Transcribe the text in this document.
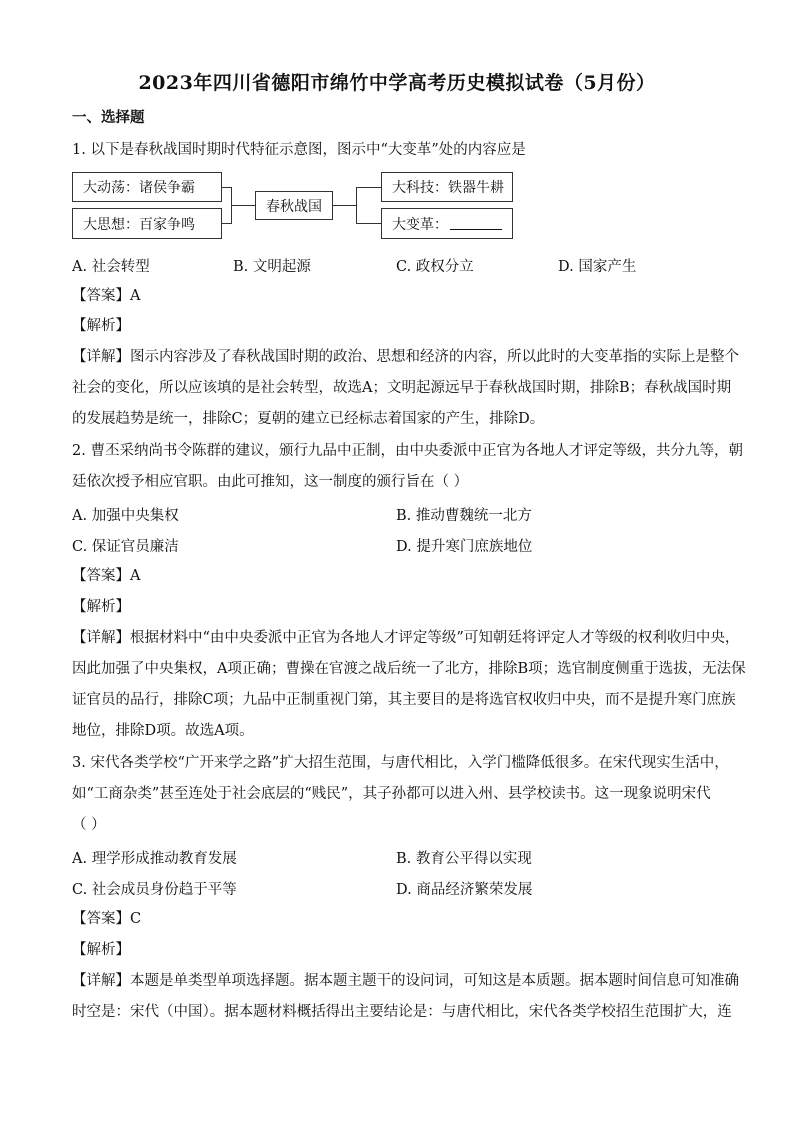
2023年四川省德阳市绵竹中学高考历史模拟试卷（5月份）
一、选择题
1. 以下是春秋战国时期时代特征示意图，图示中“大变革”处的内容应是
大动荡：诸侯争霸
大思想：百家争鸣
春秋战国
大科技：铁器牛耕
大变革：
A. 社会转型	B. 文明起源	C. 政权分立	D. 国家产生
【答案】A
【解析】
【详解】图示内容涉及了春秋战国时期的政治、思想和经济的内容，所以此时的大变革指的实际上是整个
社会的变化，所以应该填的是社会转型，故选A；文明起源远早于春秋战国时期，排除B；春秋战国时期
的发展趋势是统一，排除C；夏朝的建立已经标志着国家的产生，排除D。
2. 曹丕采纳尚书令陈群的建议，颁行九品中正制，由中央委派中正官为各地人才评定等级，共分九等，朝
廷依次授予相应官职。由此可推知，这一制度的颁行旨在（ ）
A. 加强中央集权	B. 推动曹魏统一北方
C. 保证官员廉洁	D. 提升寒门庶族地位
【答案】A
【解析】
【详解】根据材料中“由中央委派中正官为各地人才评定等级”可知朝廷将评定人才等级的权利收归中央，
因此加强了中央集权，A项正确；曹操在官渡之战后统一了北方，排除B项；选官制度侧重于选拔，无法保
证官员的品行，排除C项；九品中正制重视门第，其主要目的是将选官权收归中央，而不是提升寒门庶族
地位，排除D项。故选A项。
3. 宋代各类学校“广开来学之路”扩大招生范围，与唐代相比，入学门槛降低很多。在宋代现实生活中，
如“工商杂类”甚至连处于社会底层的“贱民”，其子孙都可以进入州、县学校读书。这一现象说明宋代
（ ）
A. 理学形成推动教育发展	B. 教育公平得以实现
C. 社会成员身份趋于平等	D. 商品经济繁荣发展
【答案】C
【解析】
【详解】本题是单类型单项选择题。据本题主题干的设问词，可知这是本质题。据本题时间信息可知准确
时空是：宋代（中国）。据本题材料概括得出主要结论是：与唐代相比，宋代各类学校招生范围扩大，连
